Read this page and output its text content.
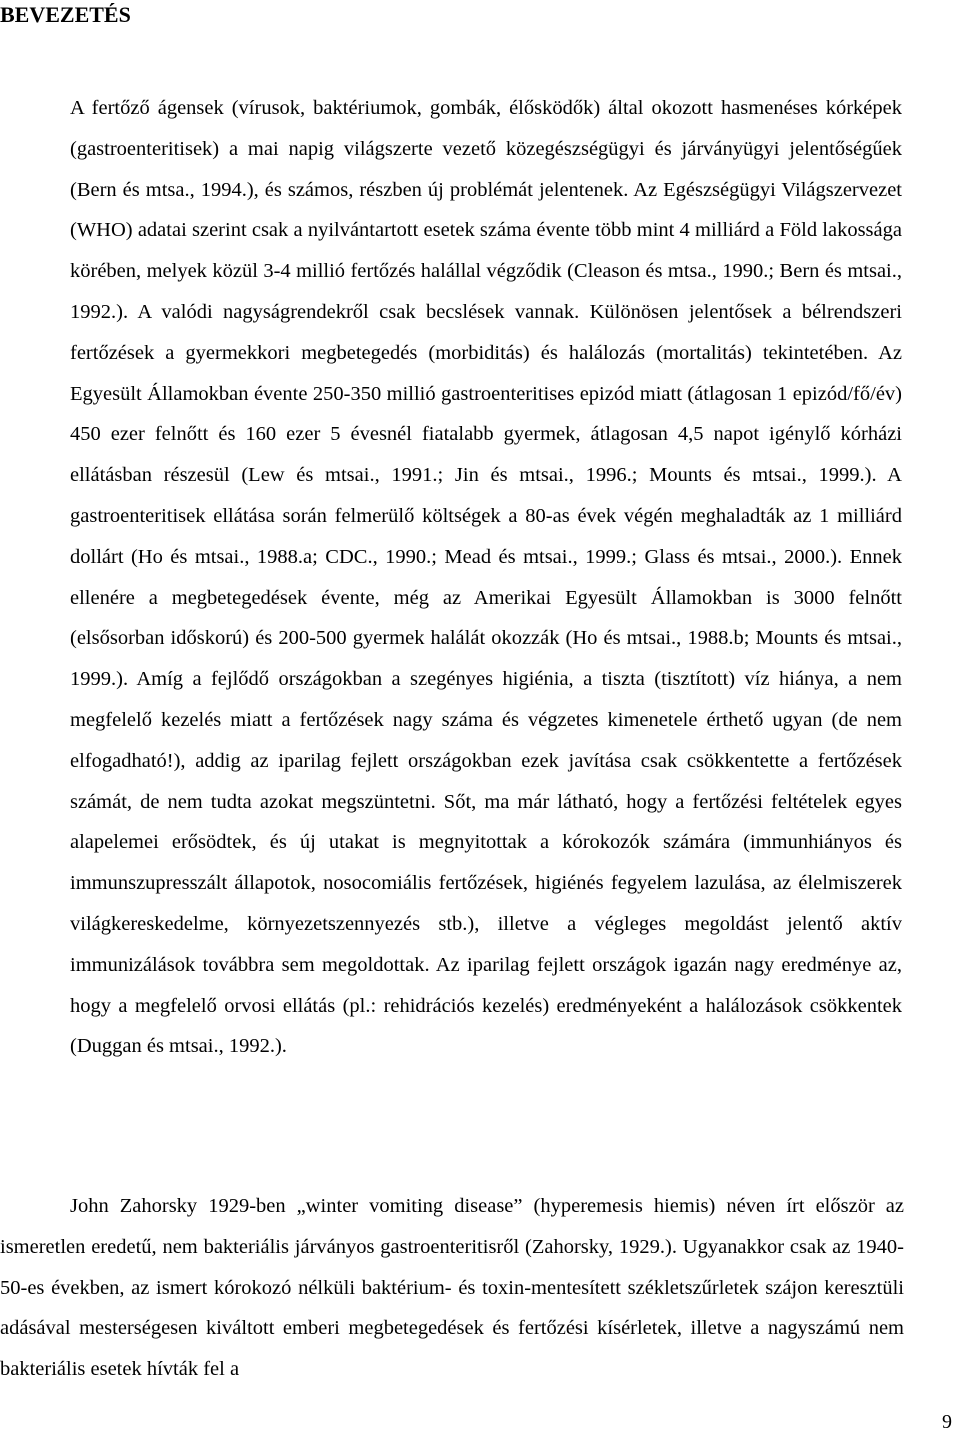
BEVEZETÉS

A fertőző ágensek (vírusok, baktériumok, gombák, élősködők) által okozott hasmenéses kórképek (gastroenteritisek) a mai napig világszerte vezető közegészségügyi és járványügyi jelentőségűek (Bern és mtsa., 1994.), és számos, részben új problémát jelentenek. Az Egészségügyi Világszervezet (WHO) adatai szerint csak a nyilvántartott esetek száma évente több mint 4 milliárd a Föld lakossága körében, melyek közül 3-4 millió fertőzés halállal végződik (Cleason és mtsa., 1990.; Bern és mtsai., 1992.). A valódi nagyságrendekről csak becslések vannak. Különösen jelentősek a bélrendszeri fertőzések a gyermekkori megbetegedés (morbiditás) és halálozás (mortalitás) tekintetében. Az Egyesült Államokban évente 250-350 millió gastroenteritises epizód miatt (átlagosan 1 epizód/fő/év) 450 ezer felnőtt és 160 ezer 5 évesnél fiatalabb gyermek, átlagosan 4,5 napot igénylő kórházi ellátásban részesül (Lew és mtsai., 1991.; Jin és mtsai., 1996.; Mounts és mtsai., 1999.). A gastroenteritisek ellátása során felmerülő költségek a 80-as évek végén meghaladták az 1 milliárd dollárt (Ho és mtsai., 1988.a; CDC., 1990.; Mead és mtsai., 1999.; Glass és mtsai., 2000.). Ennek ellenére a megbetegedések évente, még az Amerikai Egyesült Államokban is 3000 felnőtt (elsősorban időskorú) és 200-500 gyermek halálát okozzák (Ho és mtsai., 1988.b; Mounts és mtsai., 1999.). Amíg a fejlődő országokban a szegényes higiénia, a tiszta (tisztított) víz hiánya, a nem megfelelő kezelés miatt a fertőzések nagy száma és végzetes kimenetele érthető ugyan (de nem elfogadható!), addig az iparilag fejlett országokban ezek javítása csak csökkentette a fertőzések számát, de nem tudta azokat megszüntetni. Sőt, ma már látható, hogy a fertőzési feltételek egyes alapelemei erősödtek, és új utakat is megnyitottak a kórokozók számára (immunhiányos és immunszupresszált állapotok, nosocomiális fertőzések, higiénés fegyelem lazulása, az élelmiszerek világkereskedelme, környezetszennyezés stb.), illetve a végleges megoldást jelentő aktív immunizálások továbbra sem megoldottak. Az iparilag fejlett országok igazán nagy eredménye az, hogy a megfelelő orvosi ellátás (pl.: rehidrációs kezelés) eredményeként a halálozások csökkentek (Duggan és mtsai., 1992.).

John Zahorsky 1929-ben „winter vomiting disease” (hyperemesis hiemis) néven írt először az ismeretlen eredetű, nem bakteriális járványos gastroenteritisről (Zahorsky, 1929.). Ugyanakkor csak az 1940-50-es években, az ismert kórokozó nélküli baktérium- és toxin-mentesített székletszűrletek szájon keresztüli adásával mesterségesen kiváltott emberi megbetegedések és fertőzési kísérletek, illetve a nagyszámú nem bakteriális esetek hívták fel a

9
